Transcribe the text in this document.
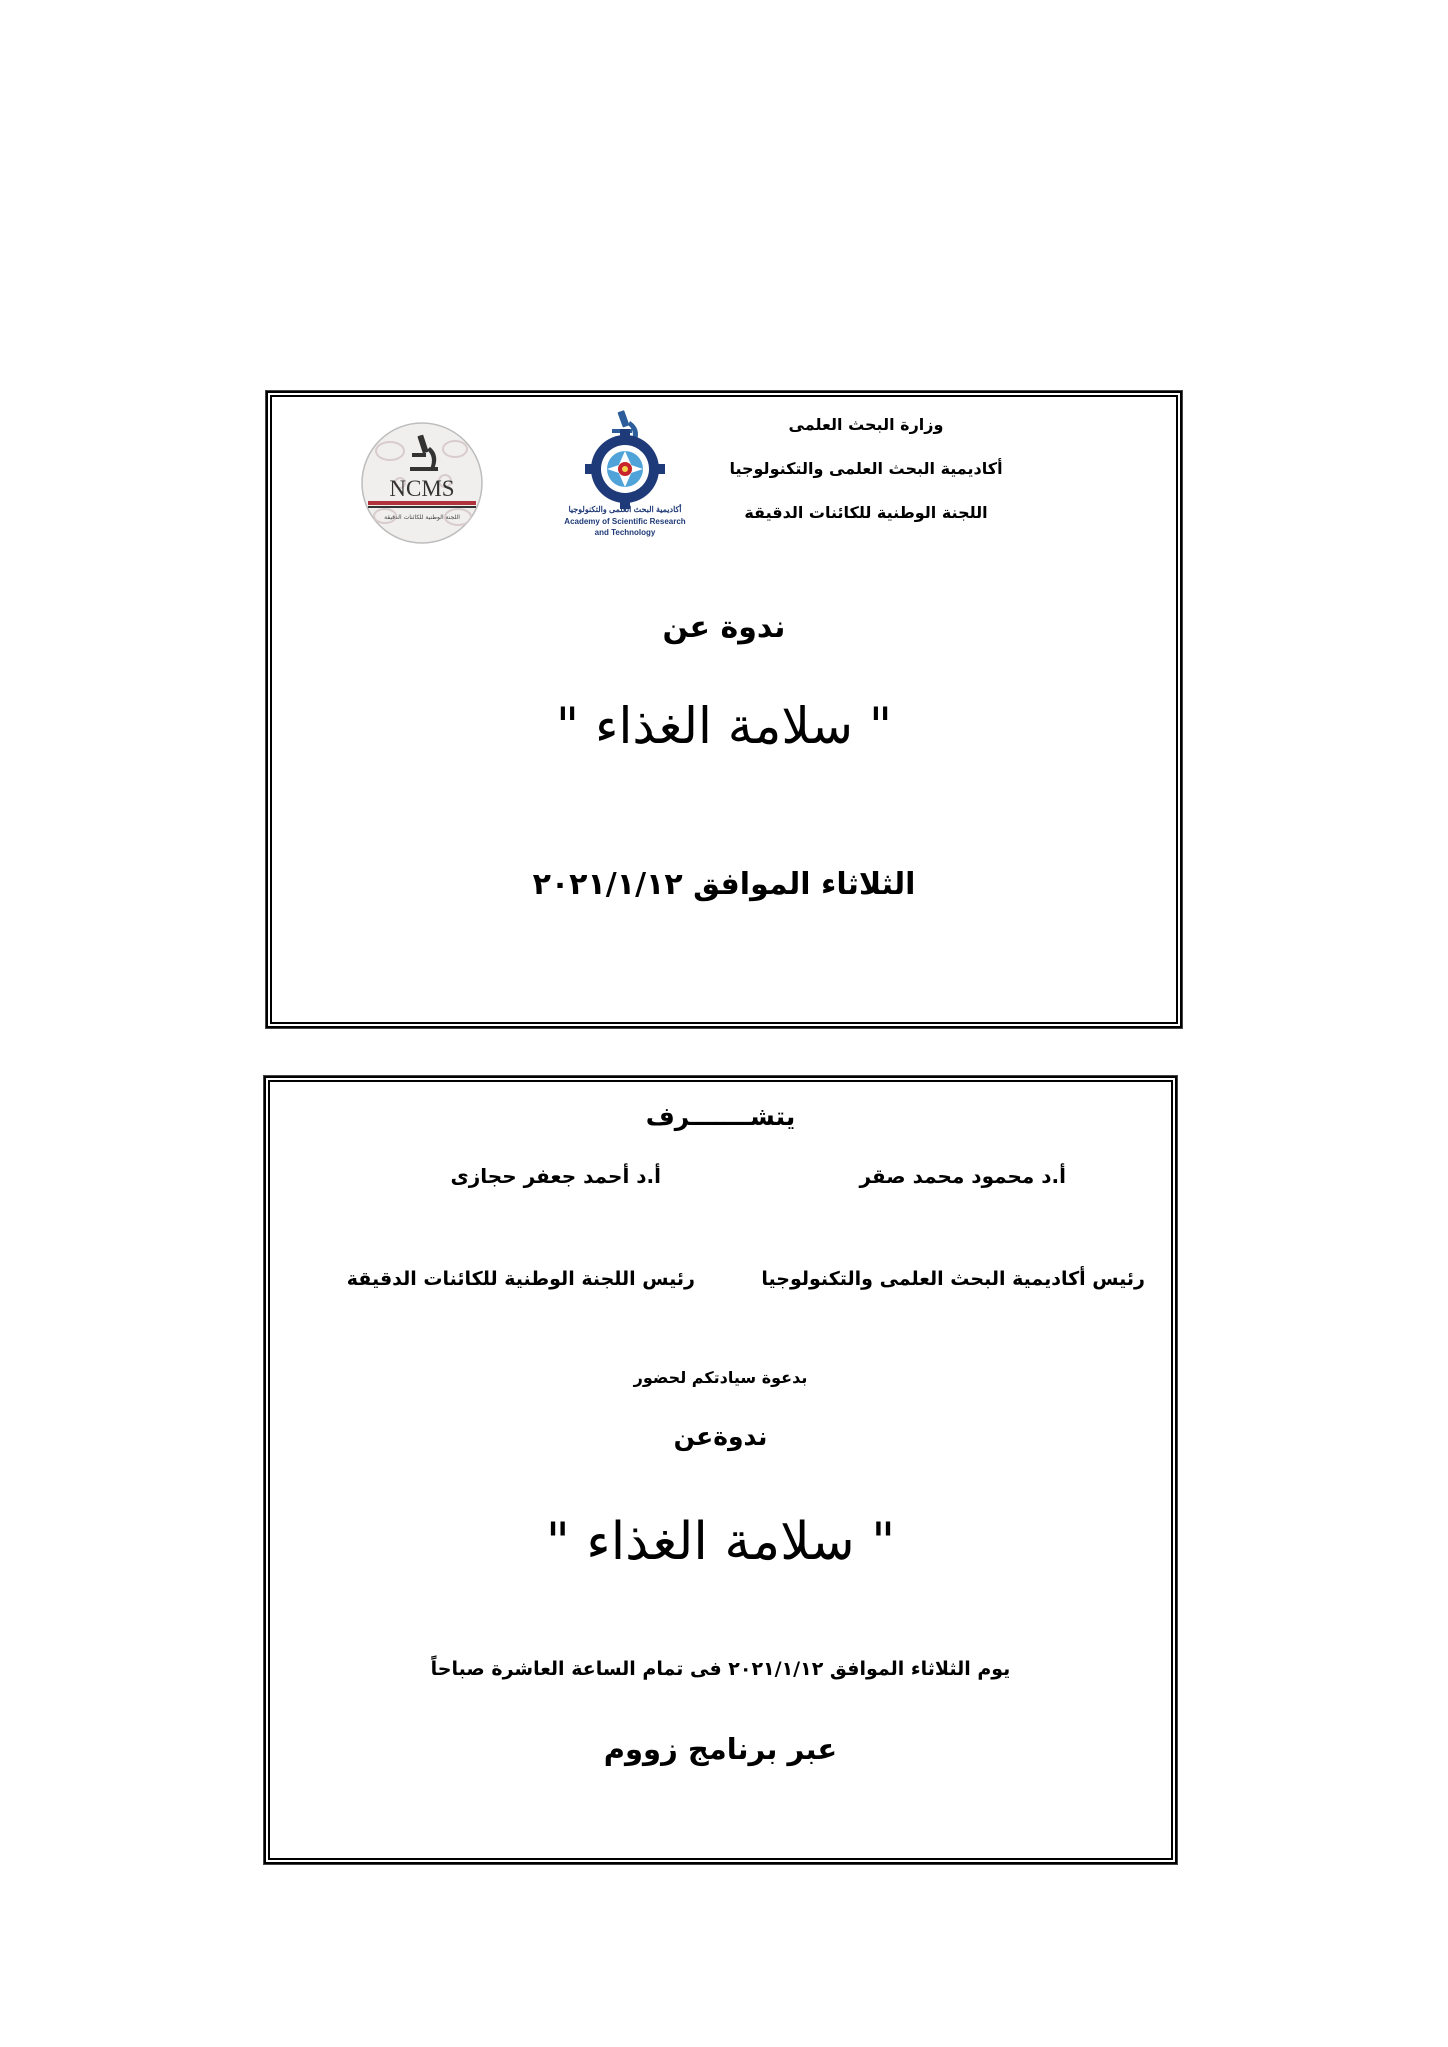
NCMS
اللجنة الوطنية للكائنات الدقيقة
أكاديمية البحث العلمى والتكنولوجيا
Academy of Scientific Research
and Technology
وزارة البحث العلمى
أكاديمية البحث العلمى والتكنولوجيا
اللجنة الوطنية للكائنات الدقيقة
ندوة عن
" سلامة الغذاء "
الثلاثاء الموافق ٢٠٢١/١/١٢
يتشـــــــرف
أ.د محمود محمد صقر
أ.د أحمد جعفر حجازى
رئيس أكاديمية البحث العلمى والتكنولوجيا
رئيس اللجنة الوطنية للكائنات الدقيقة
بدعوة سيادتكم لحضور
ندوةعن
" سلامة الغذاء "
يوم الثلاثاء الموافق ٢٠٢١/١/١٢ فى تمام الساعة العاشرة صباحاً
عبر برنامج زووم
